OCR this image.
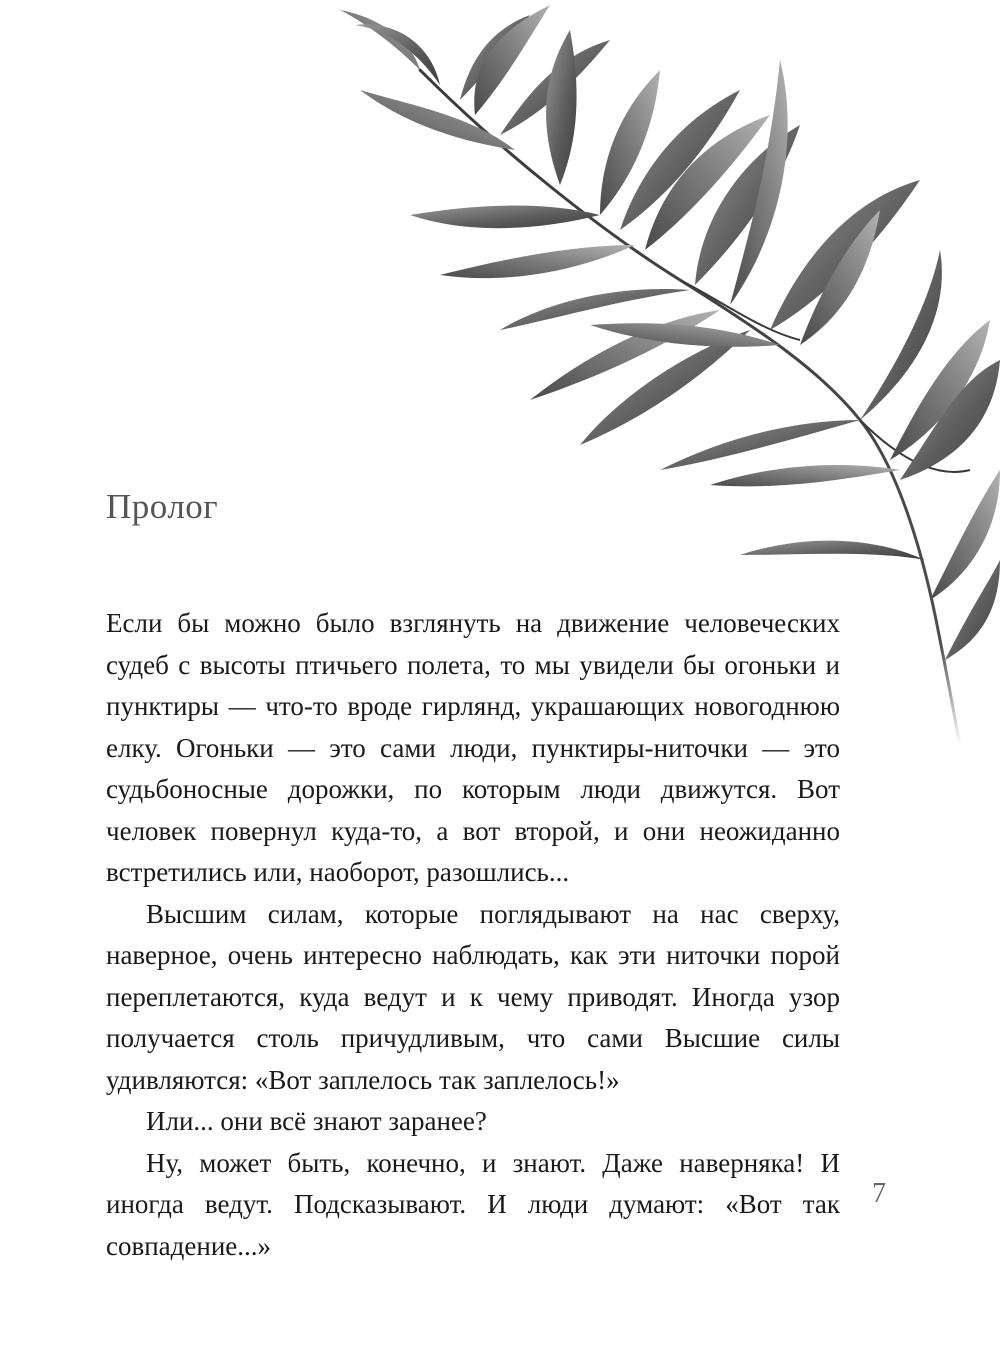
Пролог

Если бы можно было взглянуть на движение человеческих судеб с высоты птичьего полета, то мы увидели бы огоньки и пунктиры — что-то вроде гирлянд, украшающих новогоднюю елку. Огоньки — это сами люди, пунктиры-ниточки — это судьбоносные дорожки, по которым люди движутся. Вот человек повернул куда-то, а вот второй, и они неожиданно встретились или, наоборот, разошлись...

Высшим силам, которые поглядывают на нас сверху, наверное, очень интересно наблюдать, как эти ниточки порой переплетаются, куда ведут и к чему приводят. Иногда узор получается столь причудливым, что сами Высшие силы удивляются: «Вот заплелось так заплелось!»

Или... они всё знают заранее?

Ну, может быть, конечно, и знают. Даже наверняка! И иногда ведут. Подсказывают. И люди думают: «Вот так совпадение...»

7
